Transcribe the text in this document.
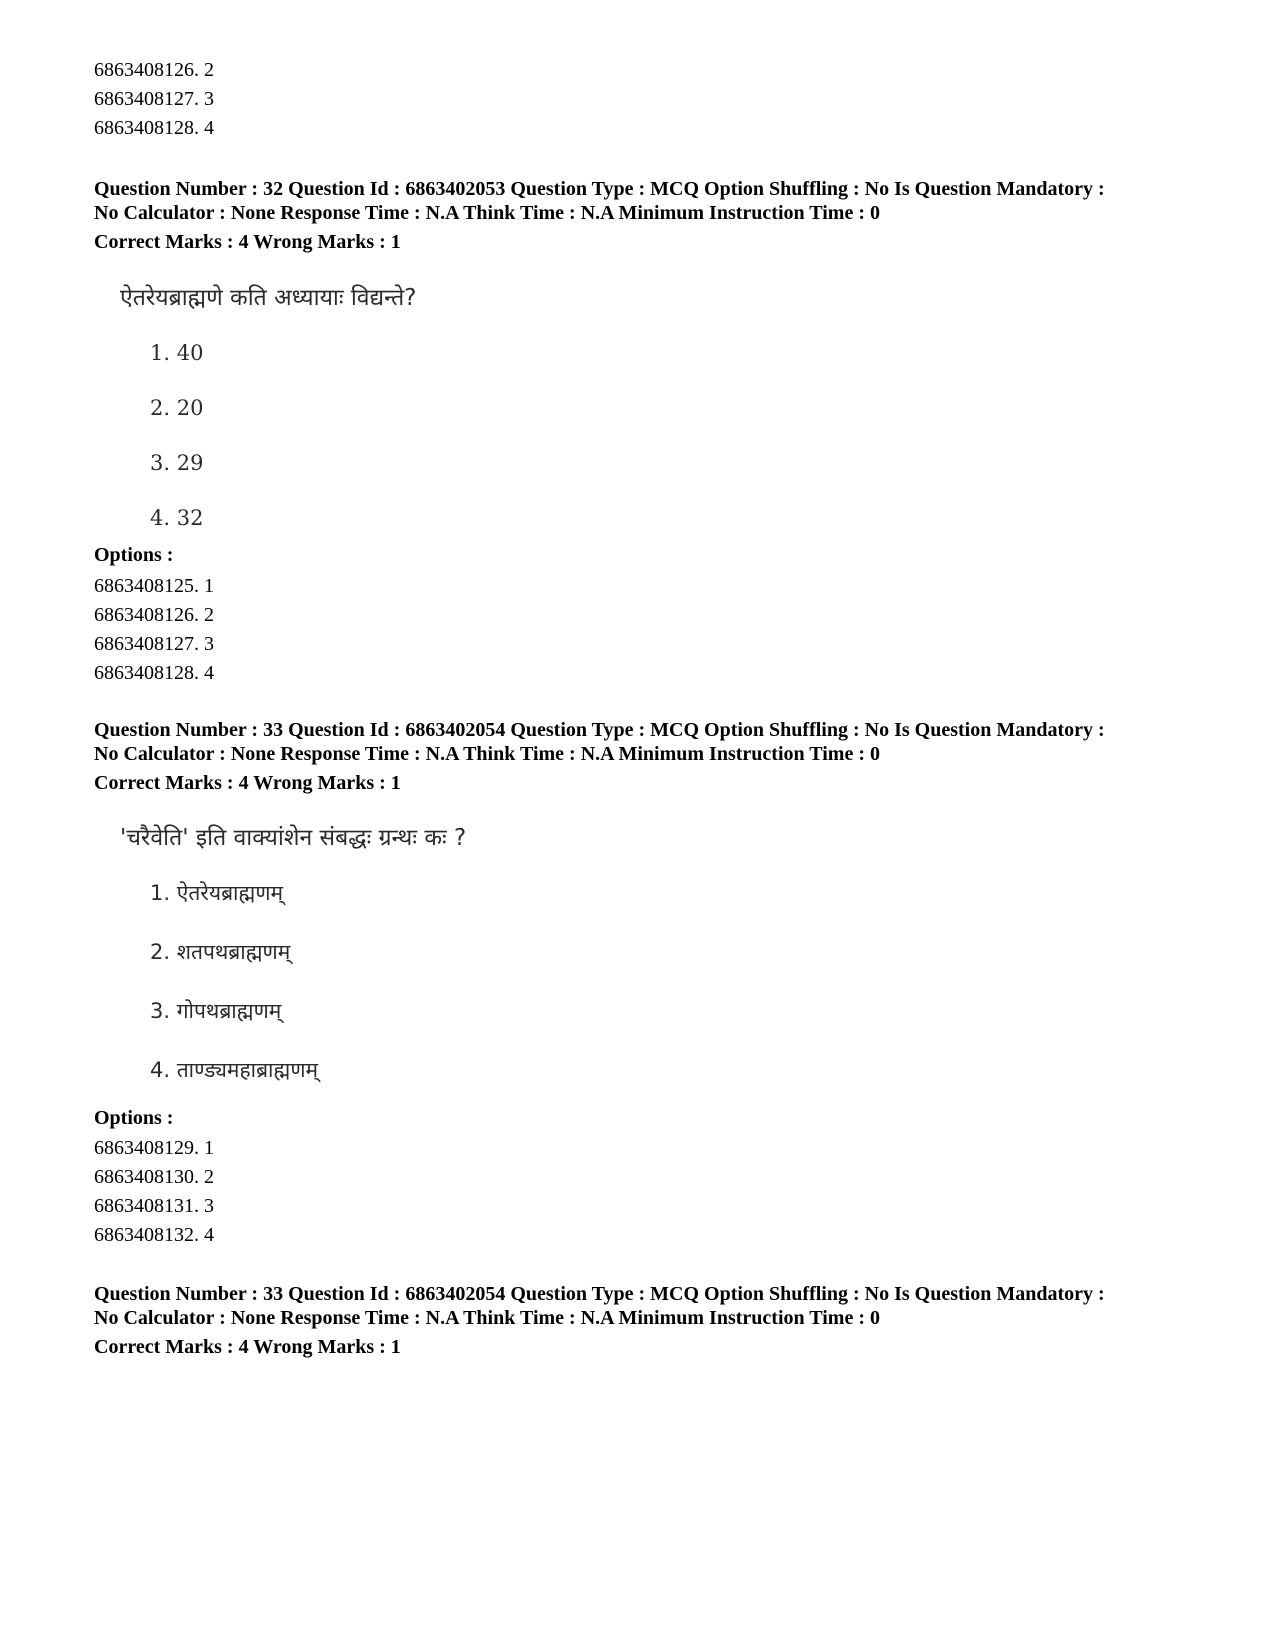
6863408126. 2
6863408127. 3
6863408128. 4
Question Number : 32 Question Id : 6863402053 Question Type : MCQ Option Shuffling : No Is Question Mandatory :
No Calculator : None Response Time : N.A Think Time : N.A Minimum Instruction Time : 0
Correct Marks : 4 Wrong Marks : 1
ऐतरेयब्राह्मणे कति अध्यायाः विद्यन्ते?
1. 40
2. 20
3. 29
4. 32
Options :
6863408125. 1
6863408126. 2
6863408127. 3
6863408128. 4
Question Number : 33 Question Id : 6863402054 Question Type : MCQ Option Shuffling : No Is Question Mandatory :
No Calculator : None Response Time : N.A Think Time : N.A Minimum Instruction Time : 0
Correct Marks : 4 Wrong Marks : 1
'चरैवेति' इति वाक्यांशेन संबद्धः ग्रन्थः कः ?
1. ऐतरेयब्राह्मणम्
2. शतपथब्राह्मणम्
3. गोपथब्राह्मणम्
4. ताण्ड्यमहाब्राह्मणम्
Options :
6863408129. 1
6863408130. 2
6863408131. 3
6863408132. 4
Question Number : 33 Question Id : 6863402054 Question Type : MCQ Option Shuffling : No Is Question Mandatory :
No Calculator : None Response Time : N.A Think Time : N.A Minimum Instruction Time : 0
Correct Marks : 4 Wrong Marks : 1
